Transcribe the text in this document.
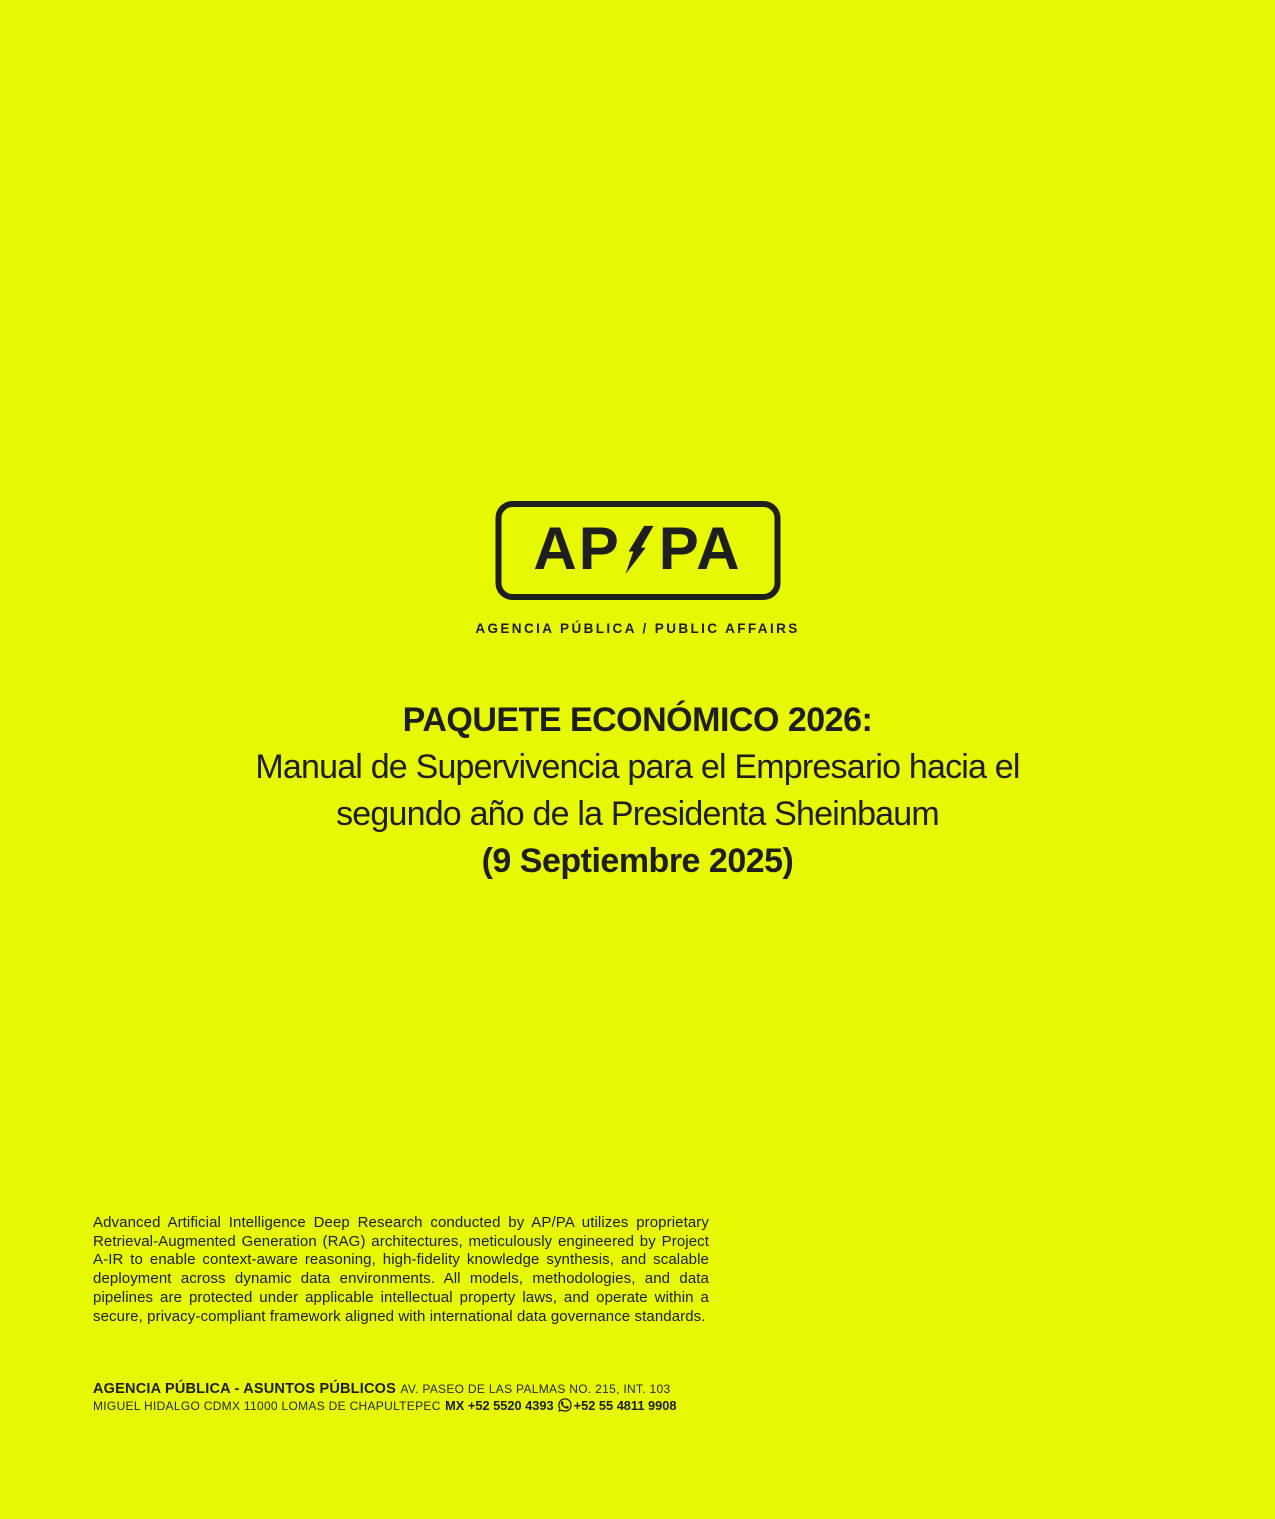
AP PA
AGENCIA PÚBLICA / PUBLIC AFFAIRS
PAQUETE ECONÓMICO 2026:
Manual de Supervivencia para el Empresario hacia el
segundo año de la Presidenta Sheinbaum
(9 Septiembre 2025)

Advanced Artificial Intelligence Deep Research conducted by AP/PA utilizes proprietary Retrieval-Augmented Generation (RAG) architectures, meticulously engineered by Project A-IR to enable context-aware reasoning, high-fidelity knowledge synthesis, and scalable deployment across dynamic data environments. All models, methodologies, and data pipelines are protected under applicable intellectual property laws, and operate within a secure, privacy-compliant framework aligned with international data governance standards.

AGENCIA PÚBLICA - ASUNTOS PÚBLICOS AV. PASEO DE LAS PALMAS NO. 215, INT. 103
MIGUEL HIDALGO CDMX 11000 LOMAS DE CHAPULTEPEC MX +52 5520 4393 +52 55 4811 9908
